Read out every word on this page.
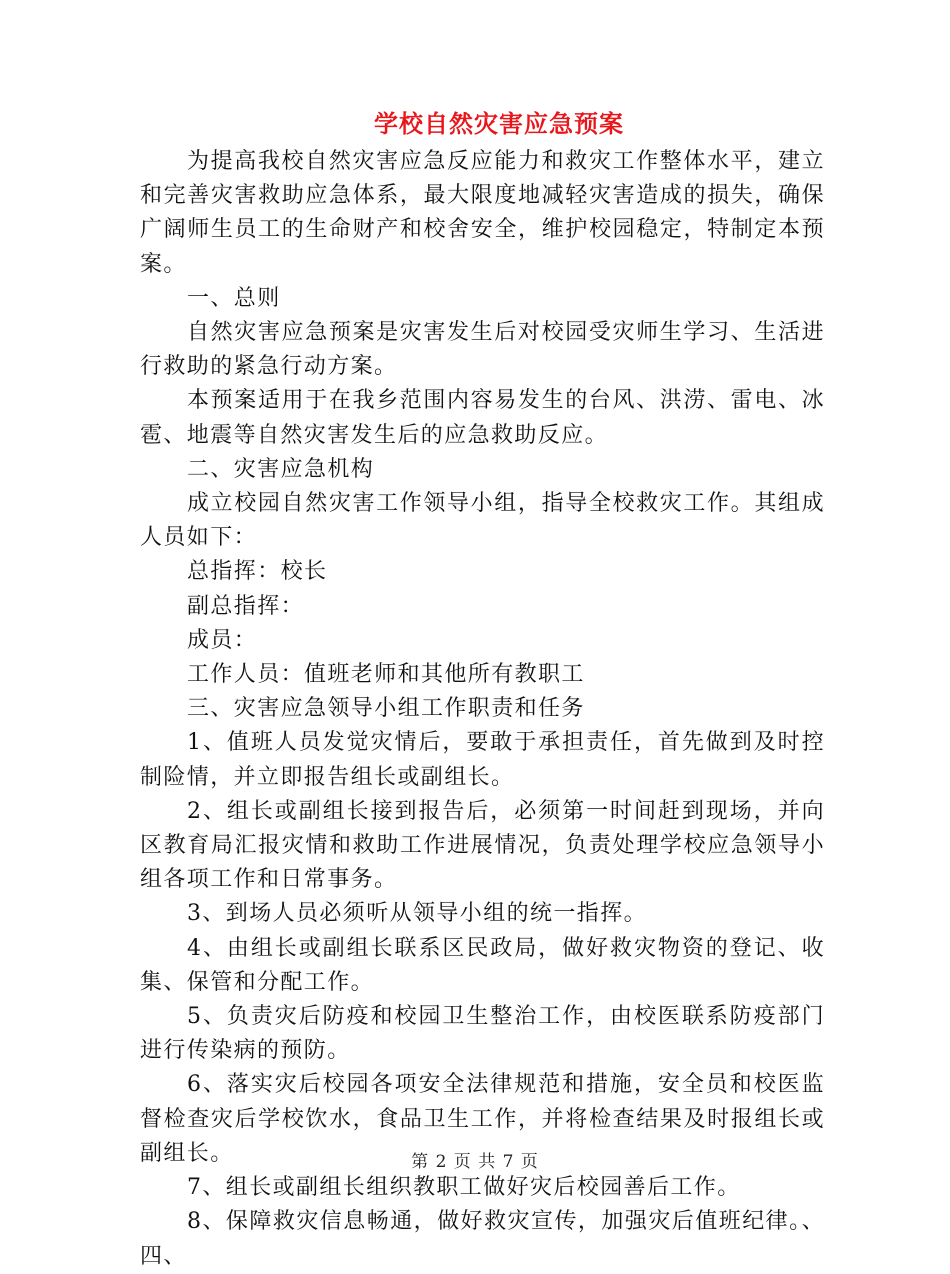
学校自然灾害应急预案

为提高我校自然灾害应急反应能力和救灾工作整体水平，建立和完善灾害救助应急体系，最大限度地减轻灾害造成的损失，确保广阔师生员工的生命财产和校舍安全，维护校园稳定，特制定本预案。

一、总则

自然灾害应急预案是灾害发生后对校园受灾师生学习、生活进行救助的紧急行动方案。

本预案适用于在我乡范围内容易发生的台风、洪涝、雷电、冰雹、地震等自然灾害发生后的应急救助反应。

二、灾害应急机构

成立校园自然灾害工作领导小组，指导全校救灾工作。其组成人员如下：

总指挥：校长

副总指挥：

成员：

工作人员：值班老师和其他所有教职工

三、灾害应急领导小组工作职责和任务

1、值班人员发觉灾情后，要敢于承担责任，首先做到及时控制险情，并立即报告组长或副组长。

2、组长或副组长接到报告后，必须第一时间赶到现场，并向区教育局汇报灾情和救助工作进展情况，负责处理学校应急领导小组各项工作和日常事务。

3、到场人员必须听从领导小组的统一指挥。

4、由组长或副组长联系区民政局，做好救灾物资的登记、收集、保管和分配工作。

5、负责灾后防疫和校园卫生整治工作，由校医联系防疫部门进行传染病的预防。

6、落实灾后校园各项安全法律规范和措施，安全员和校医监督检查灾后学校饮水，食品卫生工作，并将检查结果及时报组长或副组长。

7、组长或副组长组织教职工做好灾后校园善后工作。

8、保障救灾信息畅通，做好救灾宣传，加强灾后值班纪律。、四、

第 2 页 共 7 页
